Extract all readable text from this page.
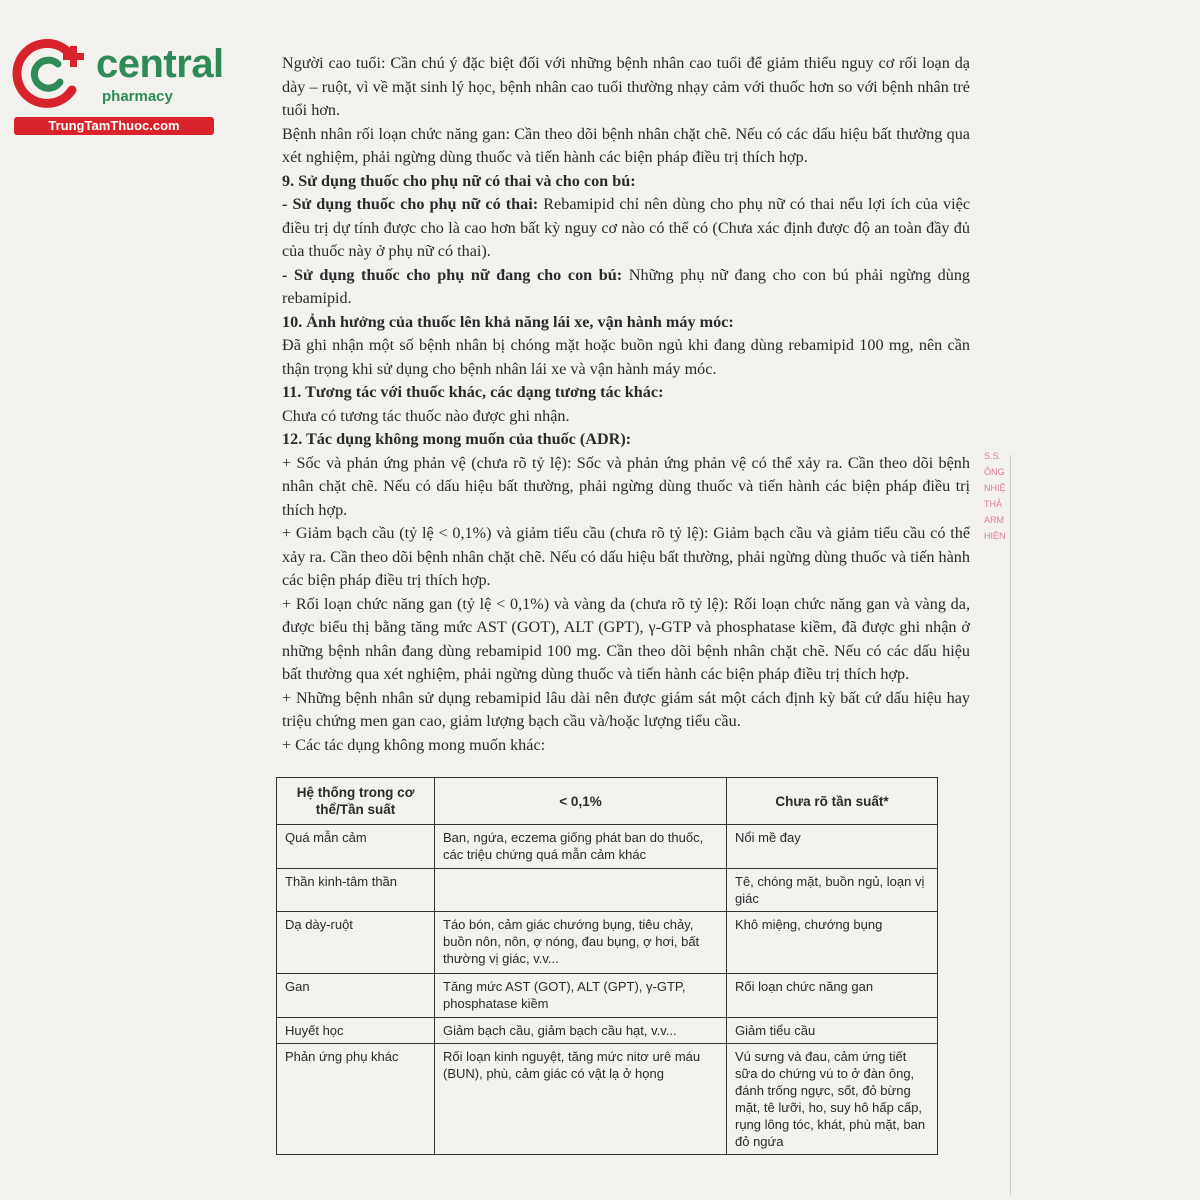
central
pharmacy
TrungTamThuoc.com

Người cao tuổi: Cần chú ý đặc biệt đối với những bệnh nhân cao tuổi để giảm thiểu nguy cơ rối loạn dạ dày – ruột, vì về mặt sinh lý học, bệnh nhân cao tuổi thường nhạy cảm với thuốc hơn so với bệnh nhân trẻ tuổi hơn.

Bệnh nhân rối loạn chức năng gan: Cần theo dõi bệnh nhân chặt chẽ. Nếu có các dấu hiệu bất thường qua xét nghiệm, phải ngừng dùng thuốc và tiến hành các biện pháp điều trị thích hợp.

9. Sử dụng thuốc cho phụ nữ có thai và cho con bú:

- Sử dụng thuốc cho phụ nữ có thai: Rebamipid chỉ nên dùng cho phụ nữ có thai nếu lợi ích của việc điều trị dự tính được cho là cao hơn bất kỳ nguy cơ nào có thể có (Chưa xác định được độ an toàn đầy đủ của thuốc này ở phụ nữ có thai).

- Sử dụng thuốc cho phụ nữ đang cho con bú: Những phụ nữ đang cho con bú phải ngừng dùng rebamipid.

10. Ảnh hưởng của thuốc lên khả năng lái xe, vận hành máy móc:

Đã ghi nhận một số bệnh nhân bị chóng mặt hoặc buồn ngủ khi đang dùng rebamipid 100 mg, nên cần thận trọng khi sử dụng cho bệnh nhân lái xe và vận hành máy móc.

11. Tương tác với thuốc khác, các dạng tương tác khác:

Chưa có tương tác thuốc nào được ghi nhận.

12. Tác dụng không mong muốn của thuốc (ADR):

+ Sốc và phản ứng phản vệ (chưa rõ tỷ lệ): Sốc và phản ứng phản vệ có thể xảy ra. Cần theo dõi bệnh nhân chặt chẽ. Nếu có dấu hiệu bất thường, phải ngừng dùng thuốc và tiến hành các biện pháp điều trị thích hợp.

+ Giảm bạch cầu (tỷ lệ < 0,1%) và giảm tiểu cầu (chưa rõ tỷ lệ): Giảm bạch cầu và giảm tiểu cầu có thể xảy ra. Cần theo dõi bệnh nhân chặt chẽ. Nếu có dấu hiệu bất thường, phải ngừng dùng thuốc và tiến hành các biện pháp điều trị thích hợp.

+ Rối loạn chức năng gan (tỷ lệ < 0,1%) và vàng da (chưa rõ tỷ lệ): Rối loạn chức năng gan và vàng da, được biểu thị bằng tăng mức AST (GOT), ALT (GPT), γ-GTP và phosphatase kiềm, đã được ghi nhận ở những bệnh nhân đang dùng rebamipid 100 mg. Cần theo dõi bệnh nhân chặt chẽ. Nếu có các dấu hiệu bất thường qua xét nghiệm, phải ngừng dùng thuốc và tiến hành các biện pháp điều trị thích hợp.

+ Những bệnh nhân sử dụng rebamipid lâu dài nên được giám sát một cách định kỳ bất cứ dấu hiệu hay triệu chứng men gan cao, giảm lượng bạch cầu và/hoặc lượng tiểu cầu.

+ Các tác dụng không mong muốn khác:

S.S.
ÔNG
NHIỆ
THẢ
ARM
HIỆN
Hệ thống trong cơ thể/Tần suất	< 0,1%	Chưa rõ tần suất*
Quá mẫn cảm	Ban, ngứa, eczema giống phát ban do thuốc, các triệu chứng quá mẫn cảm khác	Nổi mề đay
Thần kinh-tâm thần		Tê, chóng mặt, buồn ngủ, loạn vị giác
Dạ dày-ruột	Táo bón, cảm giác chướng bụng, tiêu chảy, buồn nôn, nôn, ợ nóng, đau bụng, ợ hơi, bất thường vị giác, v.v...	Khô miệng, chướng bụng
Gan	Tăng mức AST (GOT), ALT (GPT), γ-GTP, phosphatase kiềm	Rối loạn chức năng gan
Huyết học	Giảm bạch cầu, giảm bạch cầu hạt, v.v...	Giảm tiểu cầu
Phản ứng phụ khác	Rối loạn kinh nguyệt, tăng mức nitơ urê máu (BUN), phù, cảm giác có vật lạ ở họng	Vú sưng và đau, cảm ứng tiết sữa do chứng vú to ở đàn ông, đánh trống ngực, sốt, đỏ bừng mặt, tê lưỡi, ho, suy hô hấp cấp, rụng lông tóc, khát, phù mặt, ban đỏ ngứa
